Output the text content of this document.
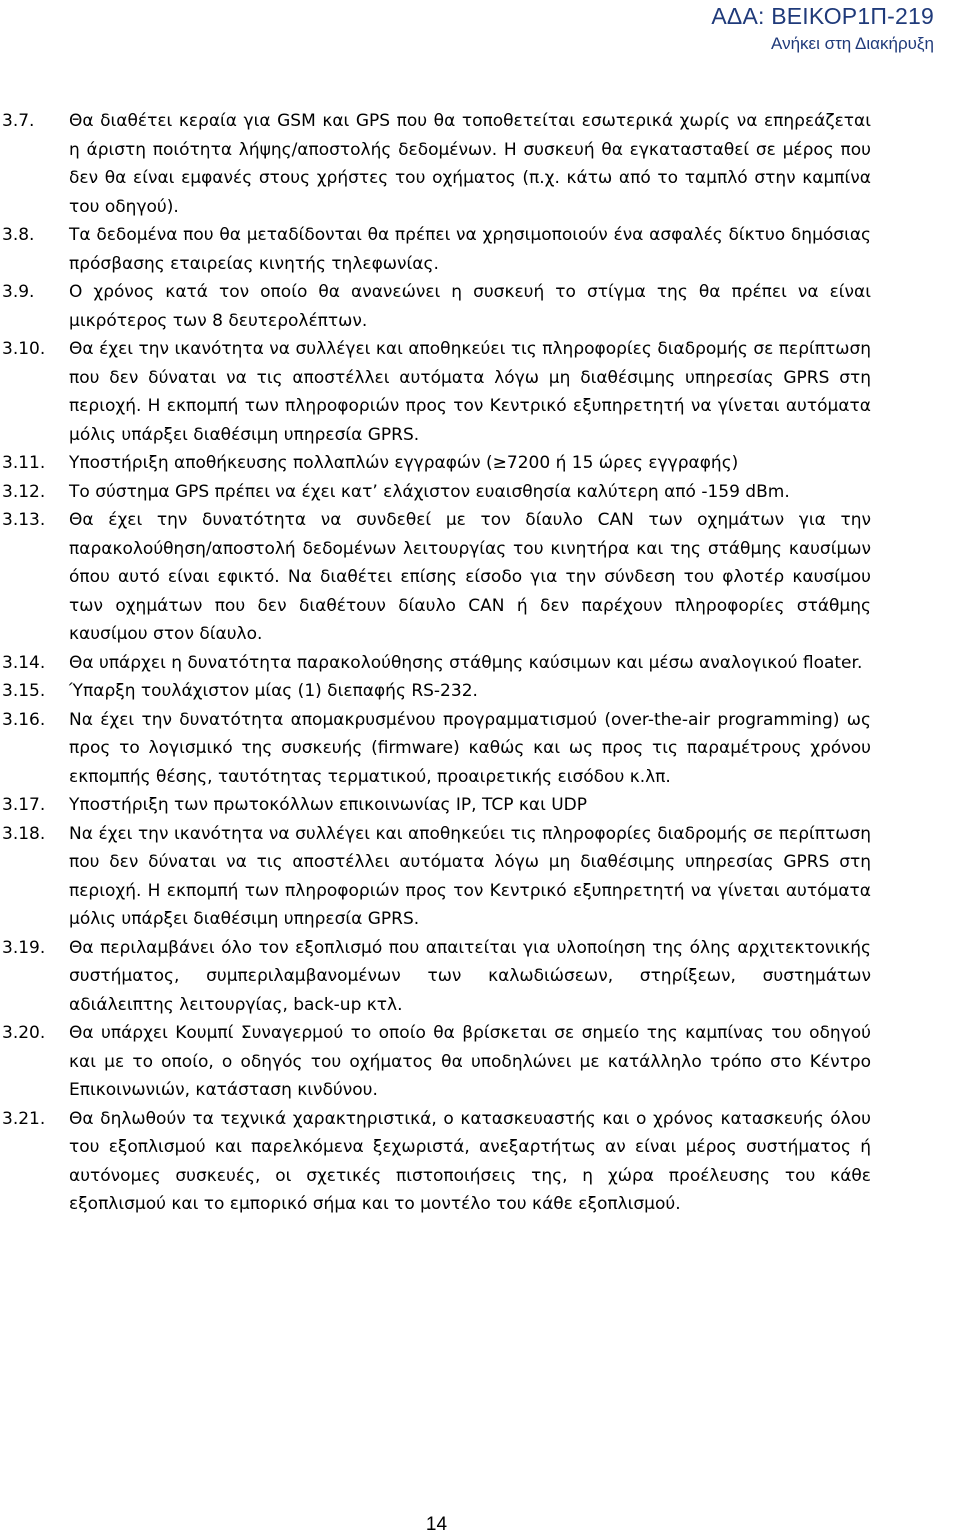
ΑΔΑ: ΒΕΙΚΟΡ1Π-219
Ανήκει στη Διακήρυξη
3.7.	Θα διαθέτει κεραία για GSM και GPS που θα τοποθετείται εσωτερικά χωρίς να επηρεάζεται η άριστη ποιότητα λήψης/αποστολής δεδομένων. Η συσκευή θα εγκατασταθεί σε μέρος που δεν θα είναι εμφανές στους χρήστες του οχήματος (π.χ. κάτω από το ταμπλό στην καμπίνα του οδηγού).
3.8.	Τα δεδομένα που θα μεταδίδονται θα πρέπει να χρησιμοποιούν ένα ασφαλές δίκτυο δημόσιας πρόσβασης εταιρείας κινητής τηλεφωνίας.
3.9.	Ο χρόνος κατά τον οποίο θα ανανεώνει η συσκευή το στίγμα της θα πρέπει να είναι μικρότερος των 8 δευτερολέπτων.
3.10.	Θα έχει την ικανότητα να συλλέγει και αποθηκεύει τις πληροφορίες διαδρομής σε περίπτωση που δεν δύναται να τις αποστέλλει αυτόματα λόγω μη διαθέσιμης υπηρεσίας GPRS στη περιοχή. Η εκπομπή των πληροφοριών προς τον Κεντρικό εξυπηρετητή να γίνεται αυτόματα μόλις υπάρξει διαθέσιμη υπηρεσία GPRS.
3.11.	Υποστήριξη αποθήκευσης πολλαπλών εγγραφών (≥7200 ή 15 ώρες εγγραφής)
3.12.	Το σύστημα GPS πρέπει να έχει κατ’ ελάχιστον ευαισθησία καλύτερη από -159 dBm.
3.13.	Θα έχει την δυνατότητα να συνδεθεί με τον δίαυλο CAN των οχημάτων για την παρακολούθηση/αποστολή δεδομένων λειτουργίας του κινητήρα και της στάθμης καυσίμων όπου αυτό είναι εφικτό. Να διαθέτει επίσης είσοδο για την σύνδεση του φλοτέρ καυσίμου των οχημάτων που δεν διαθέτουν δίαυλο CAN ή δεν παρέχουν πληροφορίες στάθμης καυσίμου στον δίαυλο.
3.14.	Θα υπάρχει η δυνατότητα παρακολούθησης στάθμης καύσιμων και μέσω αναλογικού floater.
3.15.	Ύπαρξη τουλάχιστον μίας (1) διεπαφής RS-232.
3.16.	Να έχει την δυνατότητα απομακρυσμένου προγραμματισμού (over-the-air programming) ως προς το λογισμικό της συσκευής (firmware) καθώς και ως προς τις παραμέτρους χρόνου εκπομπής θέσης, ταυτότητας τερματικού, προαιρετικής εισόδου κ.λπ.
3.17.	Υποστήριξη των πρωτοκόλλων επικοινωνίας IP, TCP και UDP
3.18.	Να έχει την ικανότητα να συλλέγει και αποθηκεύει τις πληροφορίες διαδρομής σε περίπτωση που δεν δύναται να τις αποστέλλει αυτόματα λόγω μη διαθέσιμης υπηρεσίας GPRS στη περιοχή. Η εκπομπή των πληροφοριών προς τον Κεντρικό εξυπηρετητή να γίνεται αυτόματα μόλις υπάρξει διαθέσιμη υπηρεσία GPRS.
3.19.	Θα περιλαμβάνει όλο τον εξοπλισμό που απαιτείται για υλοποίηση της όλης αρχιτεκτονικής συστήματος, συμπεριλαμβανομένων των καλωδιώσεων, στηρίξεων, συστημάτων αδιάλειπτης λειτουργίας, back-up κτλ.
3.20.	Θα υπάρχει Κουμπί Συναγερμού το οποίο θα βρίσκεται σε σημείο της καμπίνας του οδηγού και με το οποίο, ο οδηγός του οχήματος θα υποδηλώνει με κατάλληλο τρόπο στο Κέντρο Επικοινωνιών, κατάσταση κινδύνου.
3.21.	Θα δηλωθούν τα τεχνικά χαρακτηριστικά, ο κατασκευαστής και ο χρόνος κατασκευής όλου του εξοπλισμού και παρελκόμενα ξεχωριστά, ανεξαρτήτως αν είναι μέρος συστήματος ή αυτόνομες συσκευές, οι σχετικές πιστοποιήσεις της, η χώρα προέλευσης του κάθε εξοπλισμού και το εμπορικό σήμα και το μοντέλο του κάθε εξοπλισμού.
14
